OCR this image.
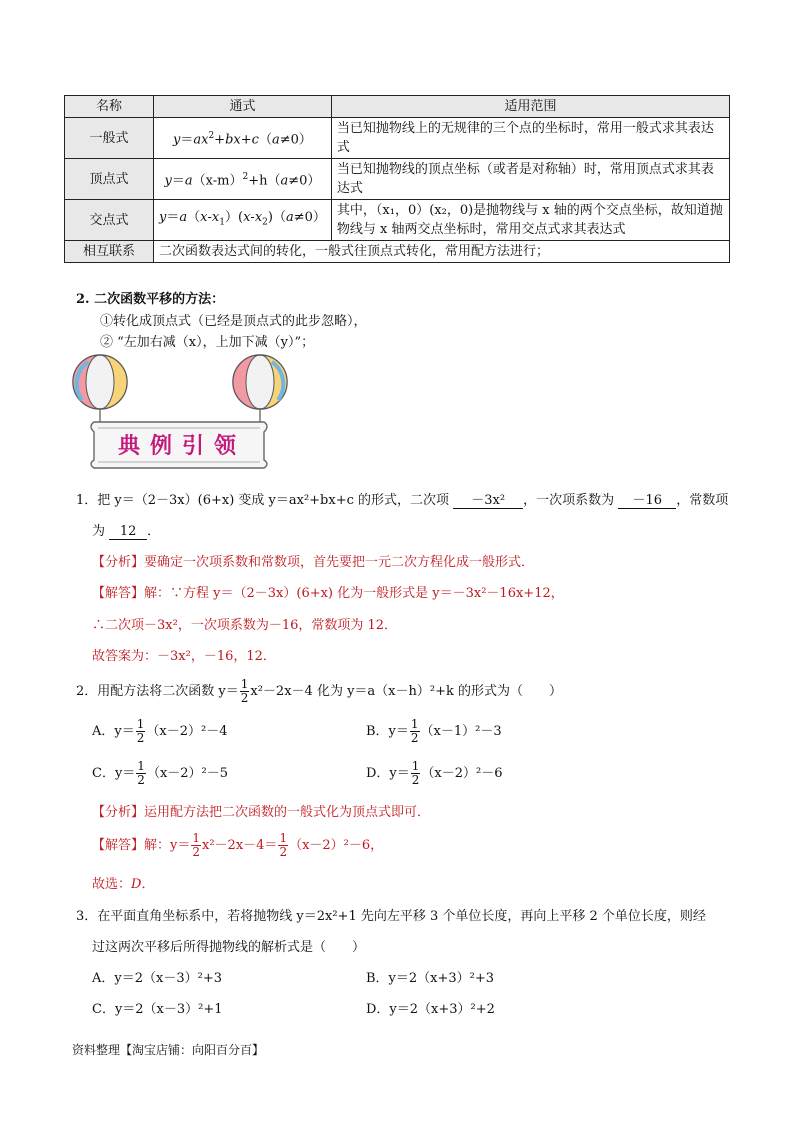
名称	通式	适用范围
一般式	$y=ax^2+bx+c(a\ne 0)$	当已知抛物线上的无规律的三个点的坐标时，常用一般式求其表达式
顶点式	$y=a(x-m)^2+h(a\ne 0)$	当已知抛物线的顶点坐标（或者是对称轴）时，常用顶点式求其表达式
交点式	$y=a(x-x_1)(x-x_2)(a\ne 0)$	其中，（x₁，0）(x₂，0)是抛物线与 x 轴的两个交点坐标，故知道抛物线与 x 轴两交点坐标时，常用交点式求其表达式
相互联系	二次函数表达式间的转化，一般式往顶点式转化，常用配方法进行；	
2. 二次函数平移的方法：
①转化成顶点式（已经是顶点式的此步忽略），
② “左加右减（x），上加下减（y）”；
典例引领
1．把 y＝（2－3x）(6+x) 变成 y＝ax²+bx+c 的形式，二次项 －3x² ，一次项系数为 －16 ，常数项
为 12 ．
【分析】要确定一次项系数和常数项，首先要把一元二次方程化成一般形式．
【解答】解：∵方程 y＝（2－3x）(6+x) 化为一般形式是 y＝－3x²－16x+12，
∴二次项－3x²，一次项系数为－16，常数项为 12．
故答案为：－3x²，－16，12．
2．用配方法将二次函数 $y= \frac{1}{2} x^2-2x-4$ 化为 y＝a（x－h）²+k 的形式为（　　）
A．$y= \frac{1}{2} (x-2)^2-4$	B．$y= \frac{1}{2} (x-1)^2-3$
C．$y= \frac{1}{2} (x-2)^2-5$	D．$y= \frac{1}{2} (x-2)^2-6$
【分析】运用配方法把二次函数的一般式化为顶点式即可．
【解答】解：$y= \frac{1}{2} x^2-2x-4= \frac{1}{2} (x-2)^2-6$，
故选：D．
3．在平面直角坐标系中，若将抛物线 y＝2x²+1 先向左平移 3 个单位长度，再向上平移 2 个单位长度，则经
过这两次平移后所得抛物线的解析式是（　　）
A．y＝2（x－3）²+3	B．y＝2（x+3）²+3
C．y＝2（x－3）²+1	D．y＝2（x+3）²+2
资料整理【淘宝店铺：向阳百分百】
